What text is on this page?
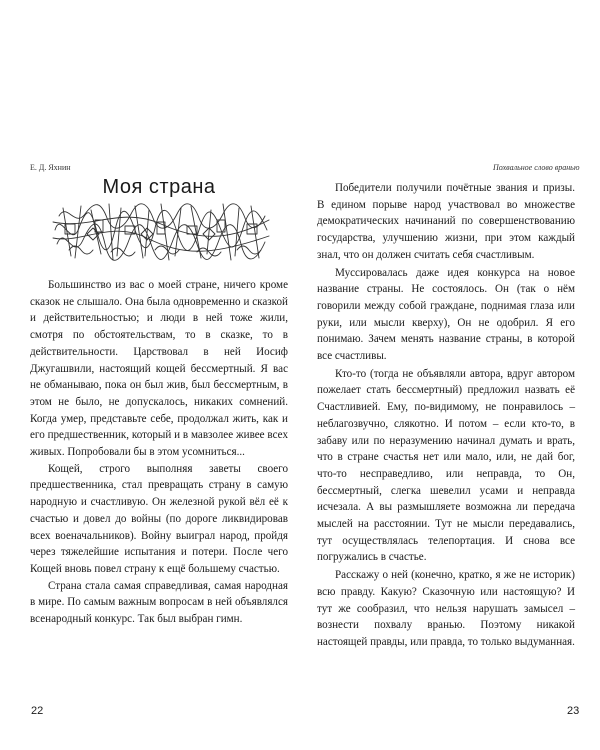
Е. Д. Яхнин
Моя страна

Большинство из вас о моей стране, ничего кроме сказок не слышало. Она была одновременно и сказкой и действительностью; и люди в ней тоже жили, смотря по обстоятельствам, то в сказке, то в действительности. Царствовал в ней Иосиф Джугашвили, настоящий кощей бессмертный. Я вас не обманываю, пока он был жив, был бессмертным, в этом не было, не допускалось, никаких сомнений. Когда умер, представьте себе, продолжал жить, как и его предшественник, который и в мавзолее живее всех живых. Попробовали бы в этом усомниться...

Кощей, строго выполняя заветы своего предшественника, стал превращать страну в самую народную и счастливую. Он железной рукой вёл её к счастью и довел до войны (по дороге ликвидировав всех военачальников). Войну выиграл народ, пройдя через тяжелейшие испытания и потери. После чего Кощей вновь повел страну к ещё большему счастью.

Страна стала самая справедливая, самая народная в мире. По самым важным вопросам в ней объявлялся всенародный конкурс. Так был выбран гимн.

22
Похвальное слово вранью

Победители получили почётные звания и призы. В едином порыве народ участвовал во множестве демократических начинаний по совершенствованию государства, улучшению жизни, при этом каждый знал, что он должен считать себя счастливым.

Муссировалась даже идея конкурса на новое название страны. Не состоялось. Он (так о нём говорили между собой граждане, поднимая глаза или руки, или мысли кверху), Он не одобрил. Я его понимаю. Зачем менять название страны, в которой все счастливы.

Кто-то (тогда не объявляли автора, вдруг автором пожелает стать бессмертный) предложил назвать её Счастливией. Ему, по-видимому, не понравилось – неблагозвучно, слякотно. И потом – если кто-то, в забаву или по неразумению начинал думать и врать, что в стране счастья нет или мало, или, не дай бог, что-то несправедливо, или неправда, то Он, бессмертный, слегка шевелил усами и неправда исчезала. А вы размышляете возможна ли передача мыслей на расстоянии. Тут не мысли передавались, тут осуществлялась телепортация. И снова все погружались в счастье.

Расскажу о ней (конечно, кратко, я же не историк) всю правду. Какую? Сказочную или настоящую? И тут же сообразил, что нельзя нарушать замысел – вознести похвалу вранью. Поэтому никакой настоящей правды, или правда, то только выдуманная.

23
